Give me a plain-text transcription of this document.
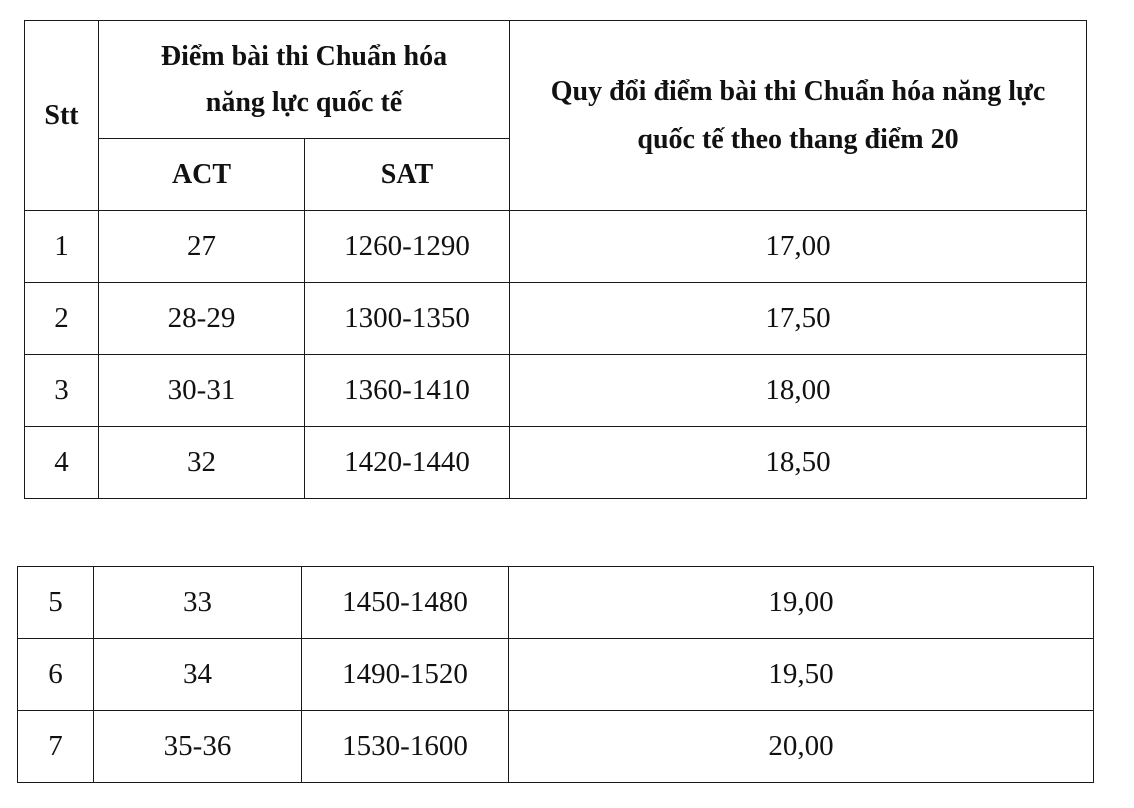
Stt	Điểm bài thi Chuẩn hóa năng lực quốc tế		Quy đổi điểm bài thi Chuẩn hóa năng lực quốc tế theo thang điểm 20

	ACT	SAT	
1	27	1260-1290	17,00
2	28-29	1300-1350	17,50
3	30-31	1360-1410	18,00
4	32	1420-1440	18,50
5	33	1450-1480	19,00
6	34	1490-1520	19,50
7	35-36	1530-1600	20,00
